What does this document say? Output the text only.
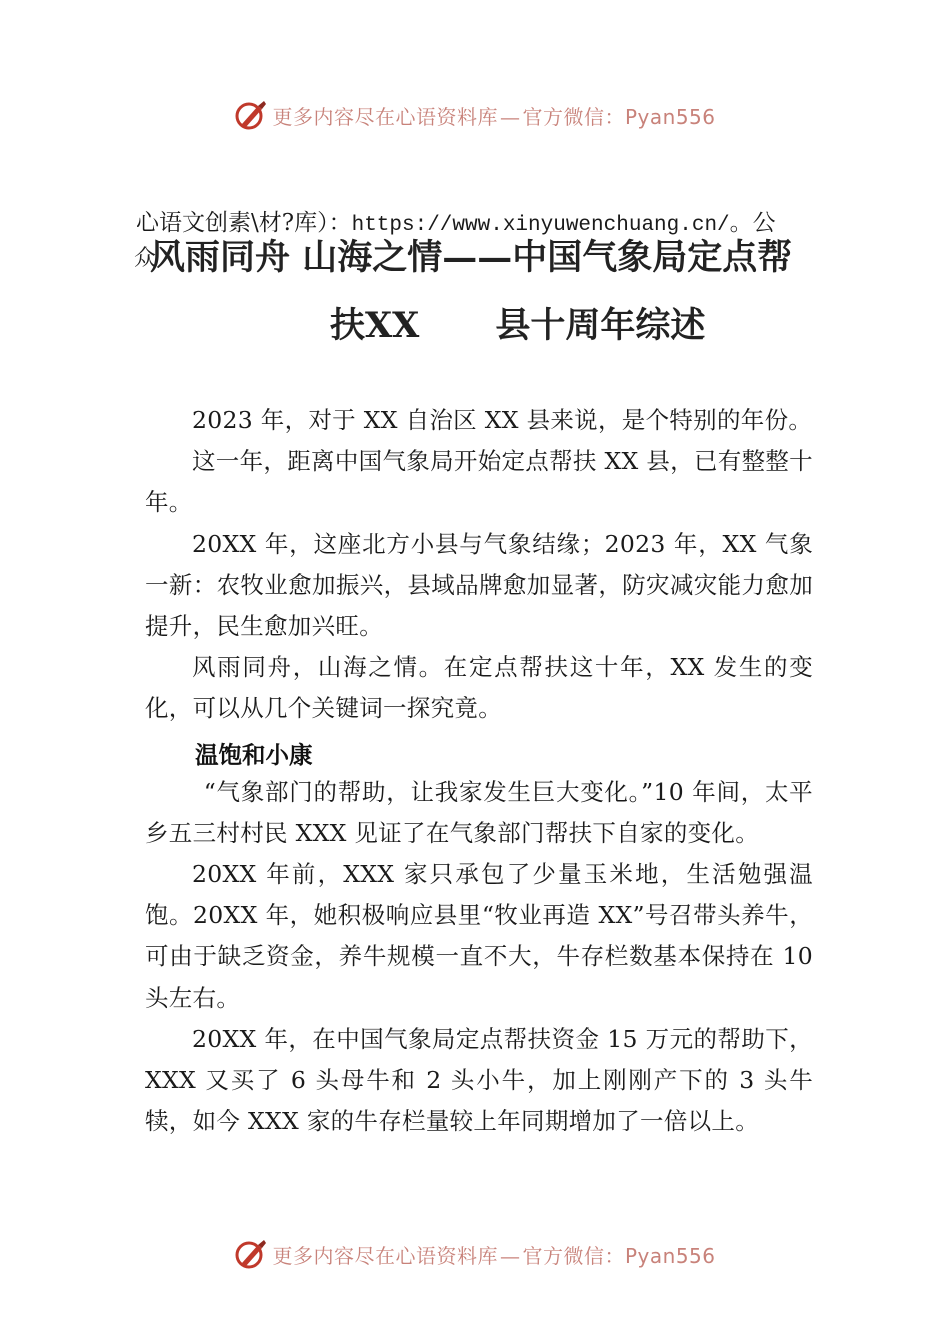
更多内容尽在心语资料库 — 官方微信：Pyan556
心语文创素\材?库）：https://www.xinyuwenchuang.cn/。公
众风雨同舟 山海之情——中国气象局定点帮
扶XX 县十周年综述

2023 年，对于 XX 自治区 XX 县来说，是个特别的年份。

这一年，距离中国气象局开始定点帮扶 XX 县，已有整整十年。

20XX 年，这座北方小县与气象结缘；2023 年，XX 气象一新：农牧业愈加振兴，县域品牌愈加显著，防灾减灾能力愈加提升，民生愈加兴旺。

风雨同舟，山海之情。在定点帮扶这十年，XX 发生的变化，可以从几个关键词一探究竟。

温饱和小康

“气象部门的帮助，让我家发生巨大变化。”10 年间，太平乡五三村村民 XXX 见证了在气象部门帮扶下自家的变化。

20XX 年前，XXX 家只承包了少量玉米地，生活勉强温饱。20XX 年，她积极响应县里“牧业再造 XX”号召带头养牛，可由于缺乏资金，养牛规模一直不大，牛存栏数基本保持在 10 头左右。

20XX 年，在中国气象局定点帮扶资金 15 万元的帮助下，XXX 又买了 6 头母牛和 2 头小牛，加上刚刚产下的 3 头牛犊，如今 XXX 家的牛存栏量较上年同期增加了一倍以上。

更多内容尽在心语资料库 — 官方微信：Pyan556
